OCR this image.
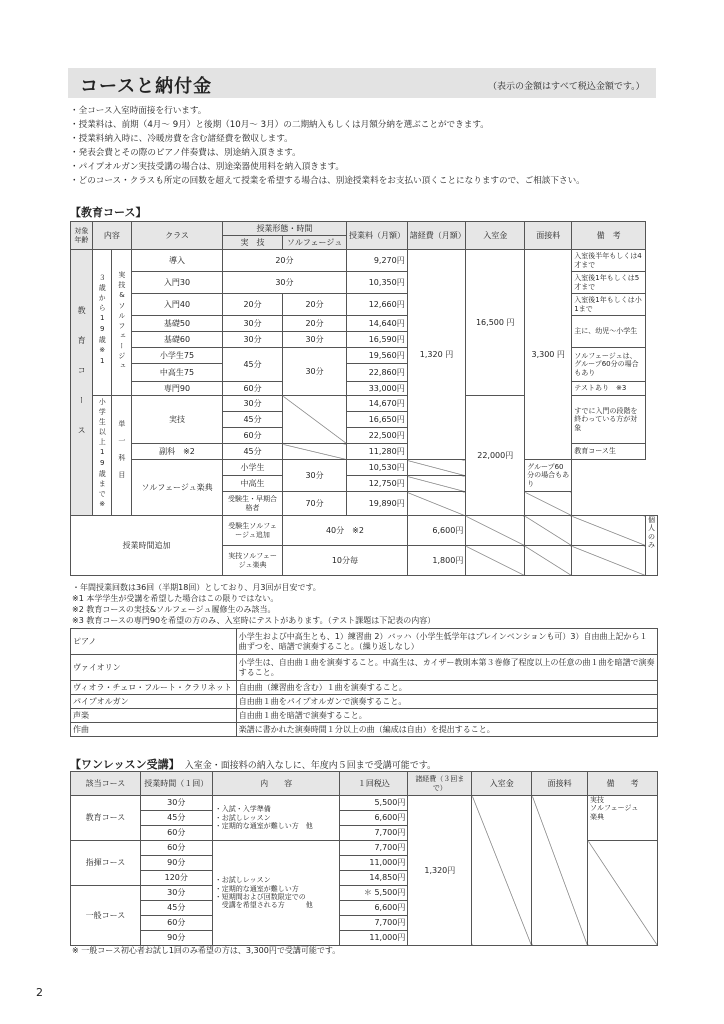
コースと納付金	（表示の金額はすべて税込金額です。）
・全コース入室時面接を行います。
・授業料は、前期（4月～ 9月）と後期（10月～ 3月）の二期納入もしくは月額分納を選ぶことができます。
・授業料納入時に、冷暖房費を含む諸経費を徴収します。
・発表会費とその際のピアノ伴奏費は、別途納入頂きます。
・パイプオルガン実技受講の場合は、別途楽器使用料を納入頂きます。
・どのコース・クラスも所定の回数を超えて授業を希望する場合は、別途授業料をお支払い頂くことになりますので、ご相談下さい。
【教育コース】
対象年齢	内容		クラス	授業形態・時間		授業料（月額）	諸経費（月額）	入室金	面接料	備　考	
				実　技	ソルフェージュ						
教育コース	３歳から19歳※1	実技&ソルフェージュ	導入	20分		9,270円	1,320 円	16,500 円	3,300 円	入室後半年もしくは4才まで	
			入門30	30分		10,350円				入室後1年もしくは5才まで	
			入門40	20分	20分	12,660円				入室後1年もしくは小1まで	
			基礎50	30分	20分	14,640円				主に、幼児～小学生	
			基礎60	30分	30分	16,590円					
			小学生75	45分	30分	19,560円				ソルフェージュは、グループ60分の場合もあり	
			中高生75			22,860円					
			専門90	60分		33,000円				テストあり　※3	
	小学生以上19歳まで※	単一科目	実技	30分		14,670円		22,000円		すでに入門の段階を終わっている方が対象	
				45分		16,650円					
				60分		22,500円					
			副科　※2	45分		11,280円				教育コース生	
			ソルフェージュ楽典	小学生	30分	10,530円			グループ60分の場合もあり		
				中高生		12,750円					
				受験生・早期合格者	70分	19,890円					
授業時間追加				受験生ソルフェージュ追加	40分　※2		6,600円				個人のみ
				実技ソルフェージュ楽典	10分毎		1,800円				
・年間授業回数は36回（半期18回）としており、月3回が目安です。
※1 本学学生が受講を希望した場合はこの限りではない。
※2 教育コースの実技&ソルフェージュ履修生のみ該当。
※3 教育コースの専門90を希望の方のみ、入室時にテストがあります。（テスト課題は下記表の内容）
ピアノ	小学生および中高生とも、1）練習曲 2）バッハ（小学生低学年はプレインベンションも可）3）自由曲上記から１曲ずつを、暗譜で演奏すること。（繰り返しなし）
ヴァイオリン	小学生は、自由曲１曲を演奏すること。中高生は、カイザー教則本第３巻修了程度以上の任意の曲１曲を暗譜で演奏すること。
ヴィオラ・チェロ・フルート・クラリネット	自由曲（練習曲を含む）１曲を演奏すること。
パイプオルガン	自由曲１曲をパイプオルガンで演奏すること。
声楽	自由曲１曲を暗譜で演奏すること。
作曲	楽譜に書かれた演奏時間１分以上の曲（編成は自由）を提出すること。
【ワンレッスン受講】 入室金・面接料の納入なしに、年度内５回まで受講可能です。
該当コース	授業時間（１回）	内　　容	１回税込	諸経費（３回まで）	入室金	面接料	備　　考
教育コース	30分	・入試・入学準備
・お試しレッスン
・定期的な通室が難しい方　他	5,500円	1,320円			実技
ソルフェージュ
楽典
	45分		6,600円				
	60分		7,700円				
指揮コース	60分	・お試しレッスン
・定期的な通室が難しい方
・短期間および回数限定での
　受講を希望される方　　　他	7,700円				
	90分		11,000円				
	120分		14,850円				
一般コース	30分		＊ 5,500円				
	45分		6,600円				
	60分		7,700円				
	90分		11,000円				
※ 一般コース初心者お試し1回のみ希望の方は、3,300円で受講可能です。
2
